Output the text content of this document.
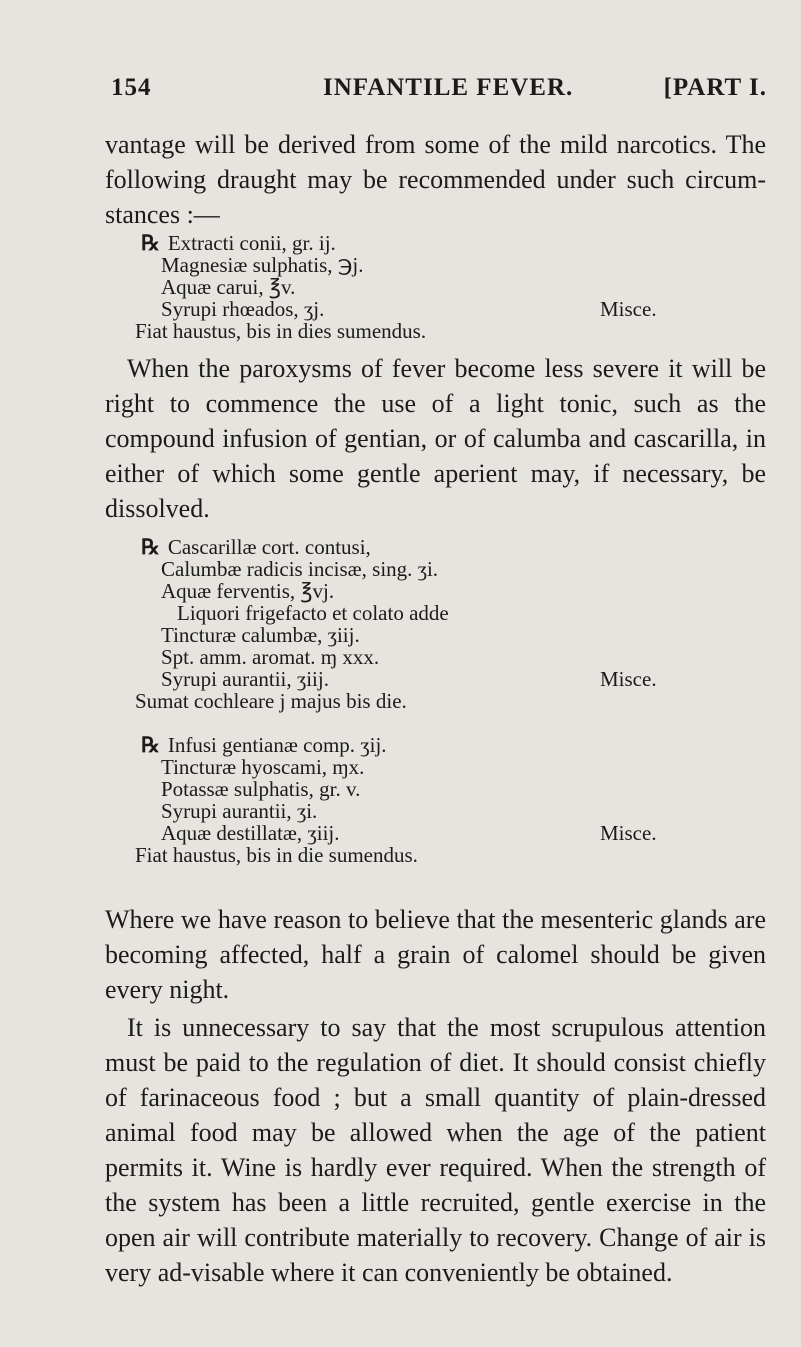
154	INFANTILE FEVER.	[PART I.

vantage will be derived from some of the mild narcotics. The following draught may be recommended under such circum-stances :—

℞ Extracti conii, gr. ij.
Magnesiæ sulphatis, ℈j.
Aquæ carui, ℥v.
Syrupi rhœados, ʒj.	Misce.
Fiat haustus, bis in dies sumendus.

When the paroxysms of fever become less severe it will be right to commence the use of a light tonic, such as the compound infusion of gentian, or of calumba and cascarilla, in either of which some gentle aperient may, if necessary, be dissolved.

℞ Cascarillæ cort. contusi,
Calumbæ radicis incisæ, sing. ʒi.
Aquæ ferventis, ℥vj.
Liquori frigefacto et colato adde
Tincturæ calumbæ, ʒiij.
Spt. amm. aromat. ɱ xxx.
Syrupi aurantii, ʒiij.	Misce.
Sumat cochleare j majus bis die.
℞ Infusi gentianæ comp. ʒij.
Tincturæ hyoscami, ɱx.
Potassæ sulphatis, gr. v.
Syrupi aurantii, ʒi.
Aquæ destillatæ, ʒiij.	Misce.
Fiat haustus, bis in die sumendus.

Where we have reason to believe that the mesenteric glands are becoming affected, half a grain of calomel should be given every night.

It is unnecessary to say that the most scrupulous attention must be paid to the regulation of diet. It should consist chiefly of farinaceous food ; but a small quantity of plain-dressed animal food may be allowed when the age of the patient permits it. Wine is hardly ever required. When the strength of the system has been a little recruited, gentle exercise in the open air will contribute materially to recovery. Change of air is very ad-visable where it can conveniently be obtained.
